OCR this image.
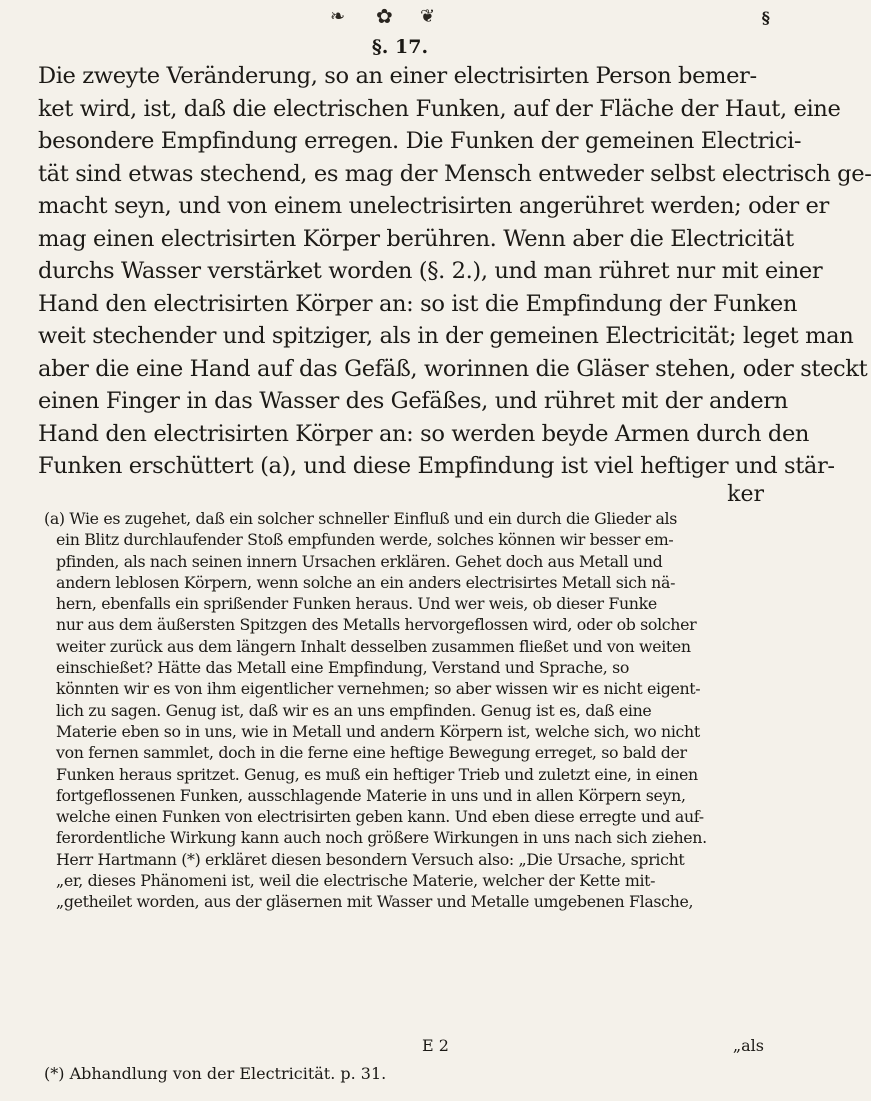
❧ ✿ ❦	§
§. 17.
Die zweyte Veränderung, so an einer electrisirten Person bemer-
ket wird, ist, daß die electrischen Funken, auf der Fläche der Haut, eine
besondere Empfindung erregen. Die Funken der gemeinen Electrici-
tät sind etwas stechend, es mag der Mensch entweder selbst electrisch ge-
macht seyn, und von einem unelectrisirten angerühret werden; oder er
mag einen electrisirten Körper berühren. Wenn aber die Electricität
durchs Wasser verstärket worden (§. 2.), und man rühret nur mit einer
Hand den electrisirten Körper an: so ist die Empfindung der Funken
weit stechender und spitziger, als in der gemeinen Electricität; leget man
aber die eine Hand auf das Gefäß, worinnen die Gläser stehen, oder steckt
einen Finger in das Wasser des Gefäßes, und rühret mit der andern
Hand den electrisirten Körper an: so werden beyde Armen durch den
Funken erschüttert (a), und diese Empfindung ist viel heftiger und stär-
ker
(a) Wie es zugehet, daß ein solcher schneller Einfluß und ein durch die Glieder als
ein Blitz durchlaufender Stoß empfunden werde, solches können wir besser em-
pfinden, als nach seinen innern Ursachen erklären. Gehet doch aus Metall und
andern leblosen Körpern, wenn solche an ein anders electrisirtes Metall sich nä-
hern, ebenfalls ein sprißender Funken heraus. Und wer weis, ob dieser Funke
nur aus dem äußersten Spitzgen des Metalls hervorgeflossen wird, oder ob solcher
weiter zurück aus dem längern Inhalt desselben zusammen fließet und von weiten
einschießet? Hätte das Metall eine Empfindung, Verstand und Sprache, so
könnten wir es von ihm eigentlicher vernehmen; so aber wissen wir es nicht eigent-
lich zu sagen. Genug ist, daß wir es an uns empfinden. Genug ist es, daß eine
Materie eben so in uns, wie in Metall und andern Körpern ist, welche sich, wo nicht
von fernen sammlet, doch in die ferne eine heftige Bewegung erreget, so bald der
Funken heraus spritzet. Genug, es muß ein heftiger Trieb und zuletzt eine, in einen
fortgeflossenen Funken, ausschlagende Materie in uns und in allen Körpern seyn,
welche einen Funken von electrisirten geben kann. Und eben diese erregte und auf-
ferordentliche Wirkung kann auch noch größere Wirkungen in uns nach sich ziehen.
Herr Hartmann (*) erkläret diesen besondern Versuch also: „Die Ursache, spricht
„er, dieses Phänomeni ist, weil die electrische Materie, welcher der Kette mit-
„getheilet worden, aus der gläsernen mit Wasser und Metalle umgebenen Flasche,
E 2	„als
(*) Abhandlung von der Electricität. p. 31.
